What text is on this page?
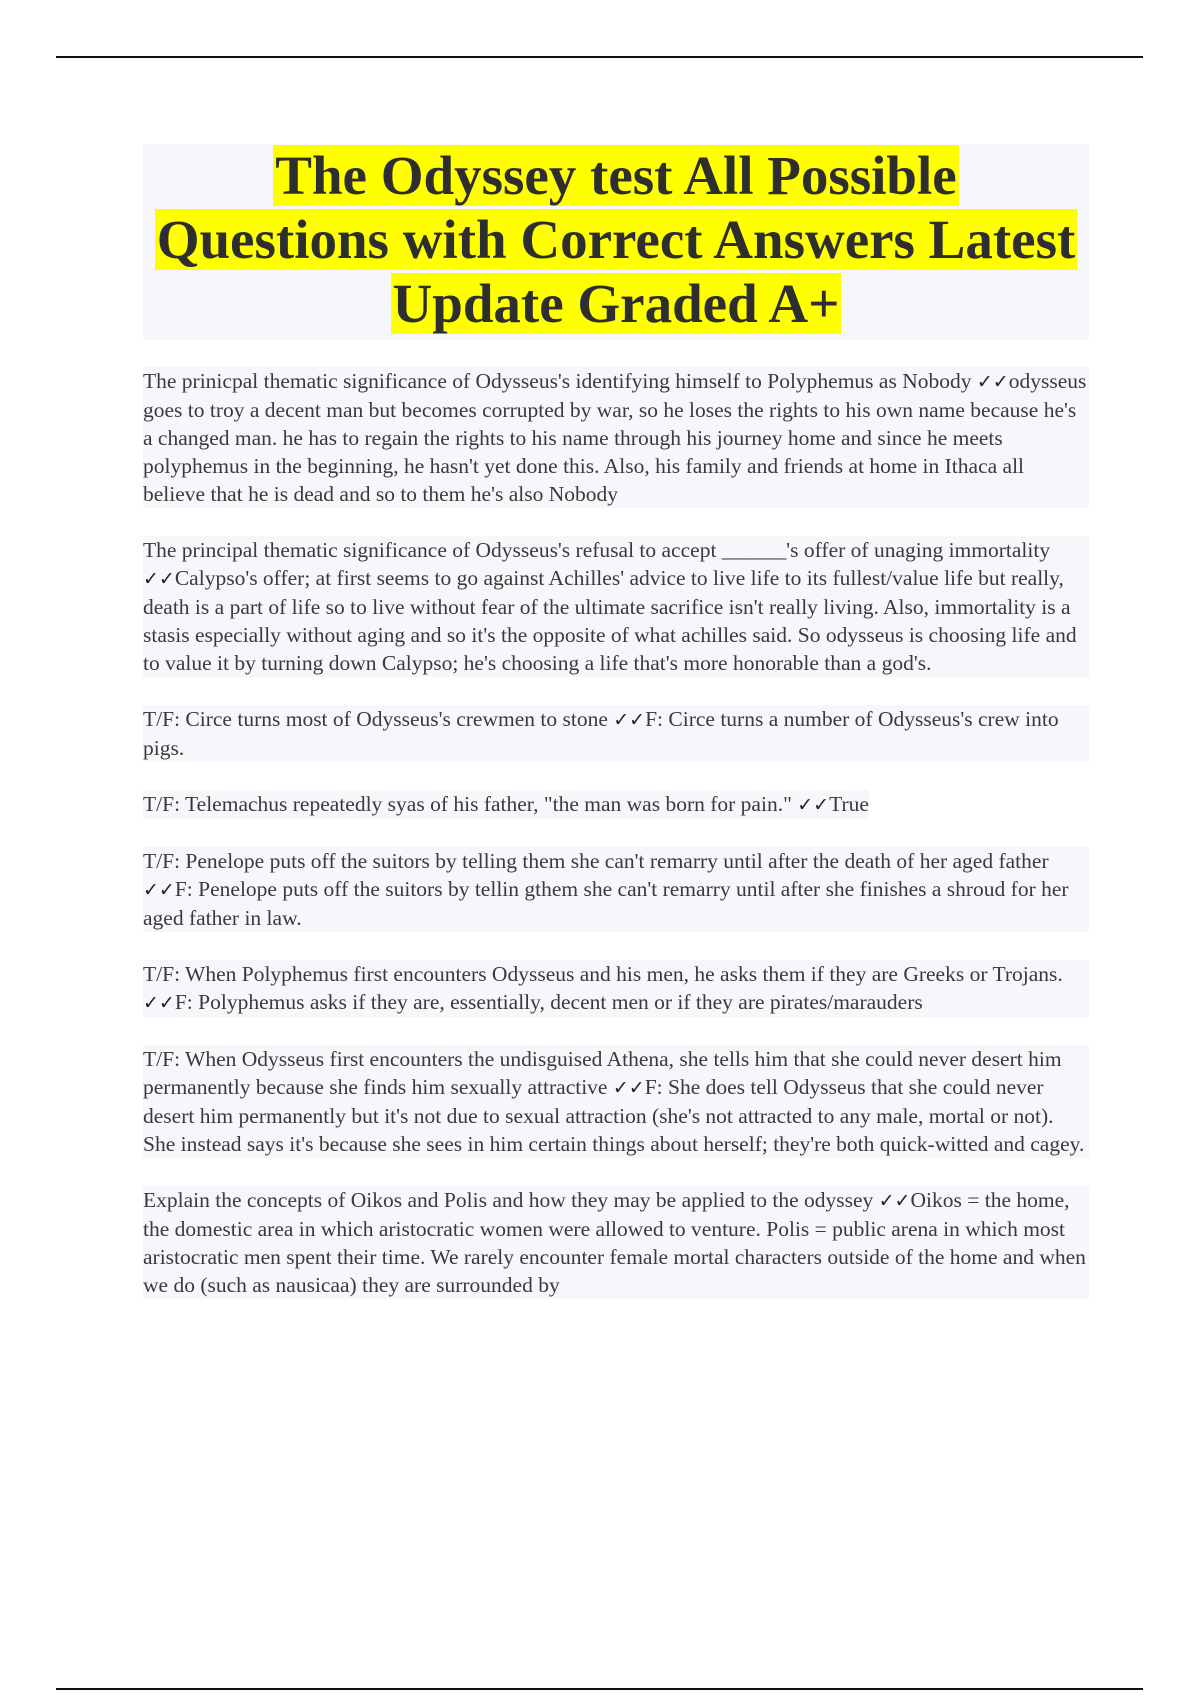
The Odyssey test All Possible
Questions with Correct Answers Latest
Update Graded A+

The prinicpal thematic significance of Odysseus's identifying himself to Polyphemus as Nobody ✓✓odysseus goes to troy a decent man but becomes corrupted by war, so he loses the rights to his own name because he's a changed man. he has to regain the rights to his name through his journey home and since he meets polyphemus in the beginning, he hasn't yet done this. Also, his family and friends at home in Ithaca all believe that he is dead and so to them he's also Nobody

The principal thematic significance of Odysseus's refusal to accept ______'s offer of unaging immortality ✓✓Calypso's offer; at first seems to go against Achilles' advice to live life to its fullest/value life but really, death is a part of life so to live without fear of the ultimate sacrifice isn't really living. Also, immortality is a stasis especially without aging and so it's the opposite of what achilles said. So odysseus is choosing life and to value it by turning down Calypso; he's choosing a life that's more honorable than a god's.

T/F: Circe turns most of Odysseus's crewmen to stone ✓✓F: Circe turns a number of Odysseus's crew into pigs.

T/F: Telemachus repeatedly syas of his father, "the man was born for pain." ✓✓True

T/F: Penelope puts off the suitors by telling them she can't remarry until after the death of her aged father ✓✓F: Penelope puts off the suitors by tellin gthem she can't remarry until after she finishes a shroud for her aged father in law.

T/F: When Polyphemus first encounters Odysseus and his men, he asks them if they are Greeks or Trojans. ✓✓F: Polyphemus asks if they are, essentially, decent men or if they are pirates/marauders

T/F: When Odysseus first encounters the undisguised Athena, she tells him that she could never desert him permanently because she finds him sexually attractive ✓✓F: She does tell Odysseus that she could never desert him permanently but it's not due to sexual attraction (she's not attracted to any male, mortal or not). She instead says it's because she sees in him certain things about herself; they're both quick-witted and cagey.

Explain the concepts of Oikos and Polis and how they may be applied to the odyssey ✓✓Oikos = the home, the domestic area in which aristocratic women were allowed to venture. Polis = public arena in which most aristocratic men spent their time. We rarely encounter female mortal characters outside of the home and when we do (such as nausicaa) they are surrounded by
